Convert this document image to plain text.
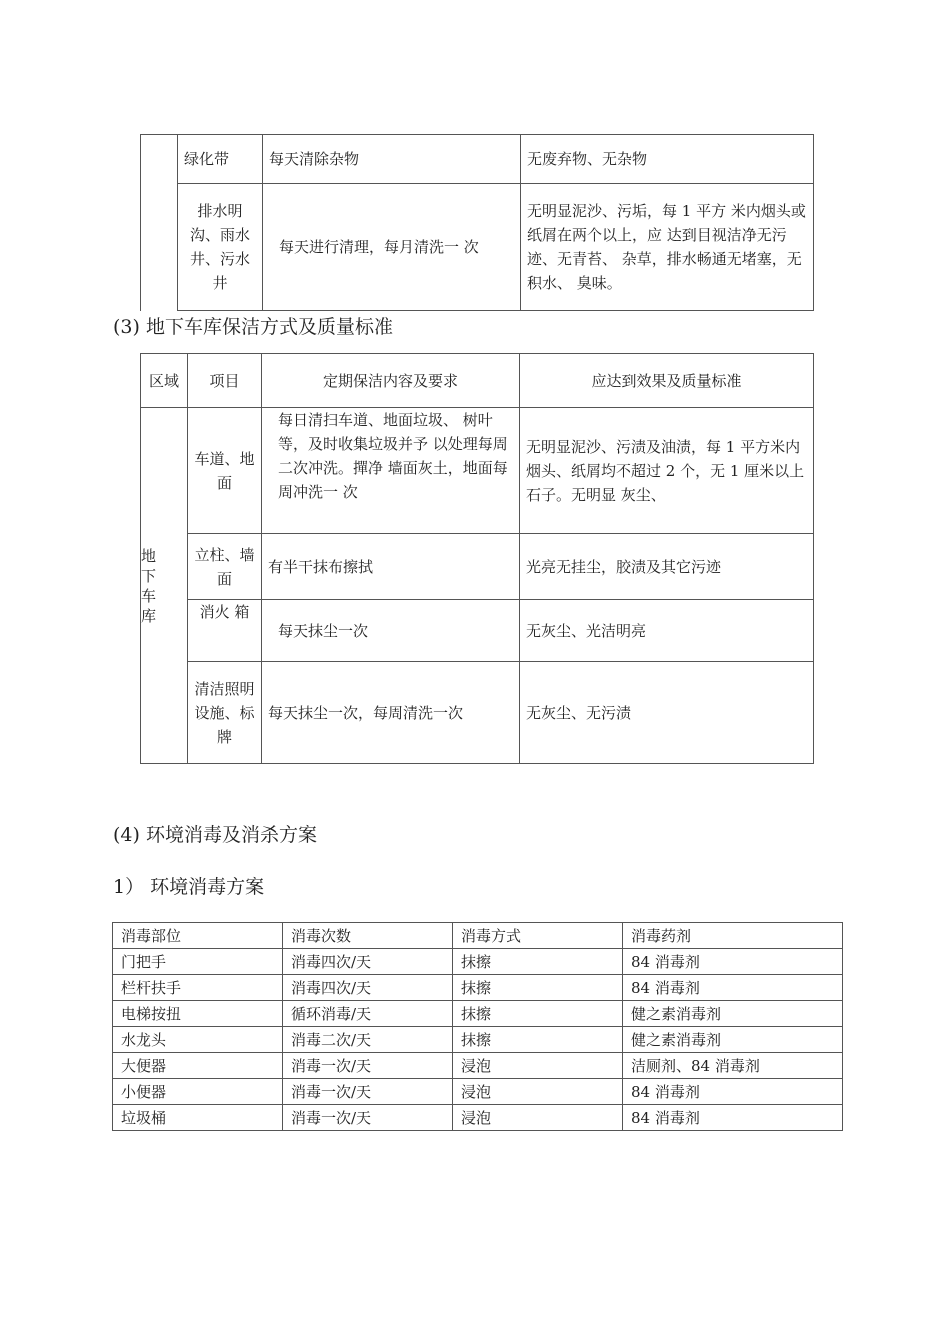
	绿化带	每天清除杂物	无废弃物、无杂物
	排水明沟、雨水井、污水井	每天进行清理，每月清洗一 次	无明显泥沙、污垢，每 1 平方 米内烟头或纸屑在两个以上，应 达到目视洁净无污迹、无青苔、 杂草，排水畅通无堵塞，无积水、 臭味。
(3) 地下车库保洁方式及质量标准
区域	项目	定期保洁内容及要求	应达到效果及质量标准
地下车库	车道、地面	每日清扫车道、地面垃圾、 树叶等，及时收集垃圾并予 以处理每周二次冲洗。撣净 墙面灰土，地面每周冲洗一 次	无明显泥沙、污渍及油渍，每 1 平方米内烟头、纸屑均不超过 2 个，无 1 厘米以上石子。无明显 灰尘、
	立柱、墙面	有半干抹布擦拭	光亮无挂尘，胶渍及其它污迹
	消火 箱	每天抹尘一次	无灰尘、光洁明亮
	清洁照明设施、标牌	每天抹尘一次，每周清洗一次	无灰尘、无污渍
(4) 环境消毒及消杀方案
1） 环境消毒方案
消毒部位	消毒次数	消毒方式	消毒药剂
门把手	消毒四次/天	抹擦	84 消毒剂
栏杆扶手	消毒四次/天	抹擦	84 消毒剂
电梯按扭	循环消毒/天	抹擦	健之素消毒剂
水龙头	消毒二次/天	抹擦	健之素消毒剂
大便器	消毒一次/天	浸泡	洁厕剂、84 消毒剂
小便器	消毒一次/天	浸泡	84 消毒剂
垃圾桶	消毒一次/天	浸泡	84 消毒剂
